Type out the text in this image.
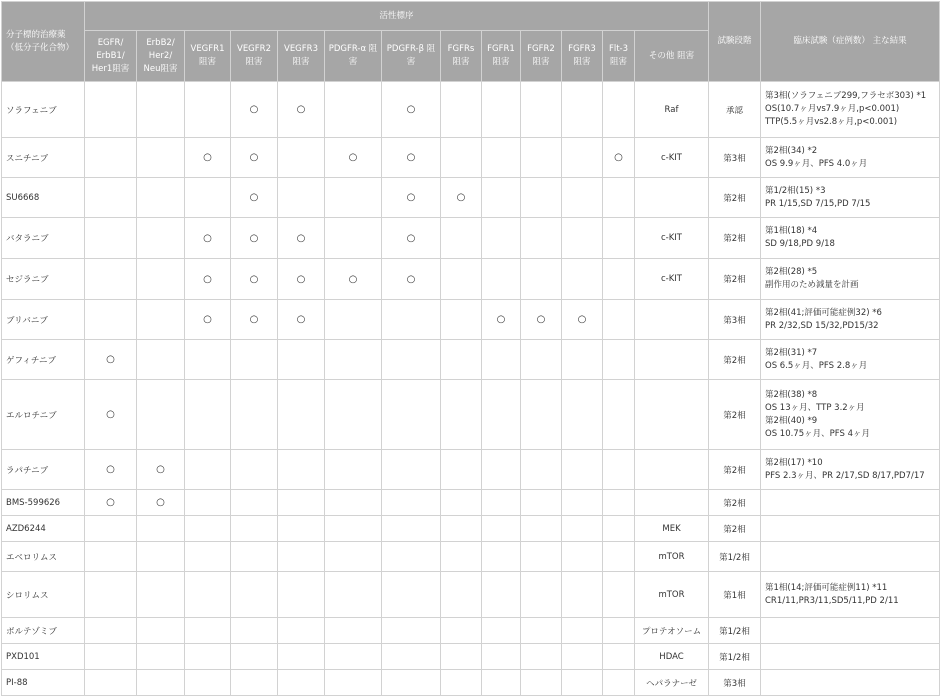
分子標的治療薬（低分子化合物）	活性標序													試験段階	臨床試験（症例数） 主な結果
	EGFR/ ErbB1/ Her1阻害	ErbB2/ Her2/ Neu阻害	VEGFR1 阻害	VEGFR2 阻害	VEGFR3 阻害	PDGFR-α 阻害	PDGFR-β 阻害	FGFRs 阻害	FGFR1 阻害	FGFR2 阻害	FGFR3 阻害	Flt-3 阻害	その他 阻害		
ソラフェニブ				○	○		○						Raf	承認	第3相(ソラフェニブ299,フラセボ303) *1
OS(10.7ヶ月vs7.9ヶ月,p<0.001)
TTP(5.5ヶ月vs2.8ヶ月,p<0.001)

スニチニブ			○	○		○	○					○	c-KIT	第3相	第2相(34) *2
OS 9.9ヶ月、PFS 4.0ヶ月

SU6668				○			○	○						第2相	第1/2相(15) *3
PR 1/15,SD 7/15,PD 7/15

バタラニブ			○	○	○		○						c-KIT	第2相	第1相(18) *4
SD 9/18,PD 9/18

セジラニブ			○	○	○	○	○						c-KIT	第2相	第2相(28) *5
副作用のため減量を計画

ブリバニブ			○	○	○				○	○	○			第3相	第2相(41;評価可能症例32) *6
PR 2/32,SD 15/32,PD15/32

ゲフィチニブ	○													第2相	第2相(31) *7
OS 6.5ヶ月、PFS 2.8ヶ月

エルロチニブ	○													第2相	第2相(38) *8
OS 13ヶ月、TTP 3.2ヶ月
第2相(40) *9
OS 10.75ヶ月、PFS 4ヶ月

ラパチニブ	○	○												第2相	第2相(17) *10
PFS 2.3ヶ月、PR 2/17,SD 8/17,PD7/17

BMS-599626	○	○												第2相	
AZD6244													MEK	第2相	
エベロリムス													mTOR	第1/2相	
シロリムス													mTOR	第1相	第1相(14;評価可能症例11) *11
CR1/11,PR3/11,SD5/11,PD 2/11

ボルテゾミブ													プロテオソーム	第1/2相	
PXD101													HDAC	第1/2相	
PI-88													ヘパラナーゼ	第3相	
